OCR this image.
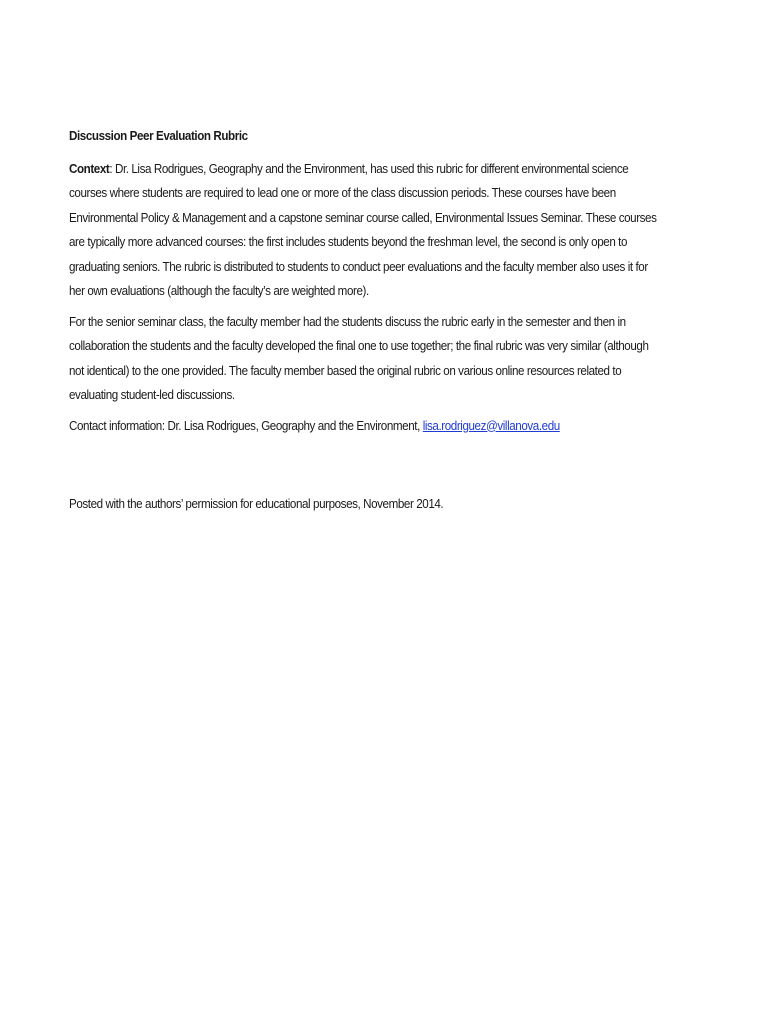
Discussion Peer Evaluation Rubric

Context: Dr. Lisa Rodrigues, Geography and the Environment, has used this rubric for different environmental science courses where students are required to lead one or more of the class discussion periods. These courses have been Environmental Policy & Management and a capstone seminar course called, Environmental Issues Seminar. These courses are typically more advanced courses: the first includes students beyond the freshman level, the second is only open to graduating seniors. The rubric is distributed to students to conduct peer evaluations and the faculty member also uses it for her own evaluations (although the faculty’s are weighted more).

For the senior seminar class, the faculty member had the students discuss the rubric early in the semester and then in collaboration the students and the faculty developed the final one to use together; the final rubric was very similar (although not identical) to the one provided. The faculty member based the original rubric on various online resources related to evaluating student-led discussions.

Contact information: Dr. Lisa Rodrigues, Geography and the Environment, lisa.rodriguez@villanova.edu

Posted with the authors’ permission for educational purposes, November 2014.
